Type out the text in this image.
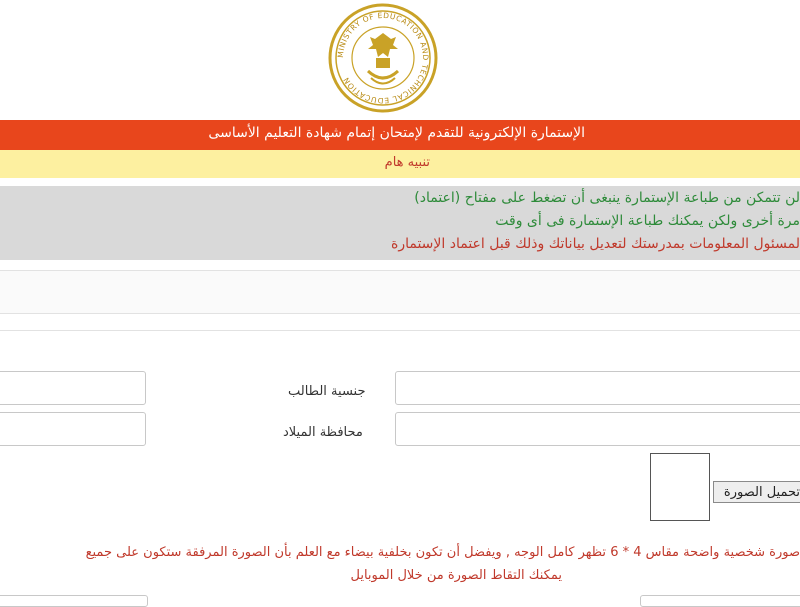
MINISTRY OF EDUCATION AND TECHNICAL EDUCATION
الإستمارة الإلكترونية للتقدم لإمتحان إتمام شهادة التعليم الأساسى
تنبيه هام
لن تتمكن من طباعة الإستمارة ينبغى أن تضغط على مفتاح (اعتماد)
مرة أخرى ولكن يمكنك طباعة الإستمارة فى أى وقت
لمسئول المعلومات بمدرستك لتعديل بياناتك وذلك قبل اعتماد الإستمارة
جنسية الطالب
محافظة الميلاد
تحميل الصورة
صورة شخصية واضحة مقاس 4 * 6 تظهر كامل الوجه , ويفضل أن تكون بخلفية بيضاء مع العلم بأن الصورة المرفقة ستكون على جميع
يمكنك التقاط الصورة من خلال الموبايل
